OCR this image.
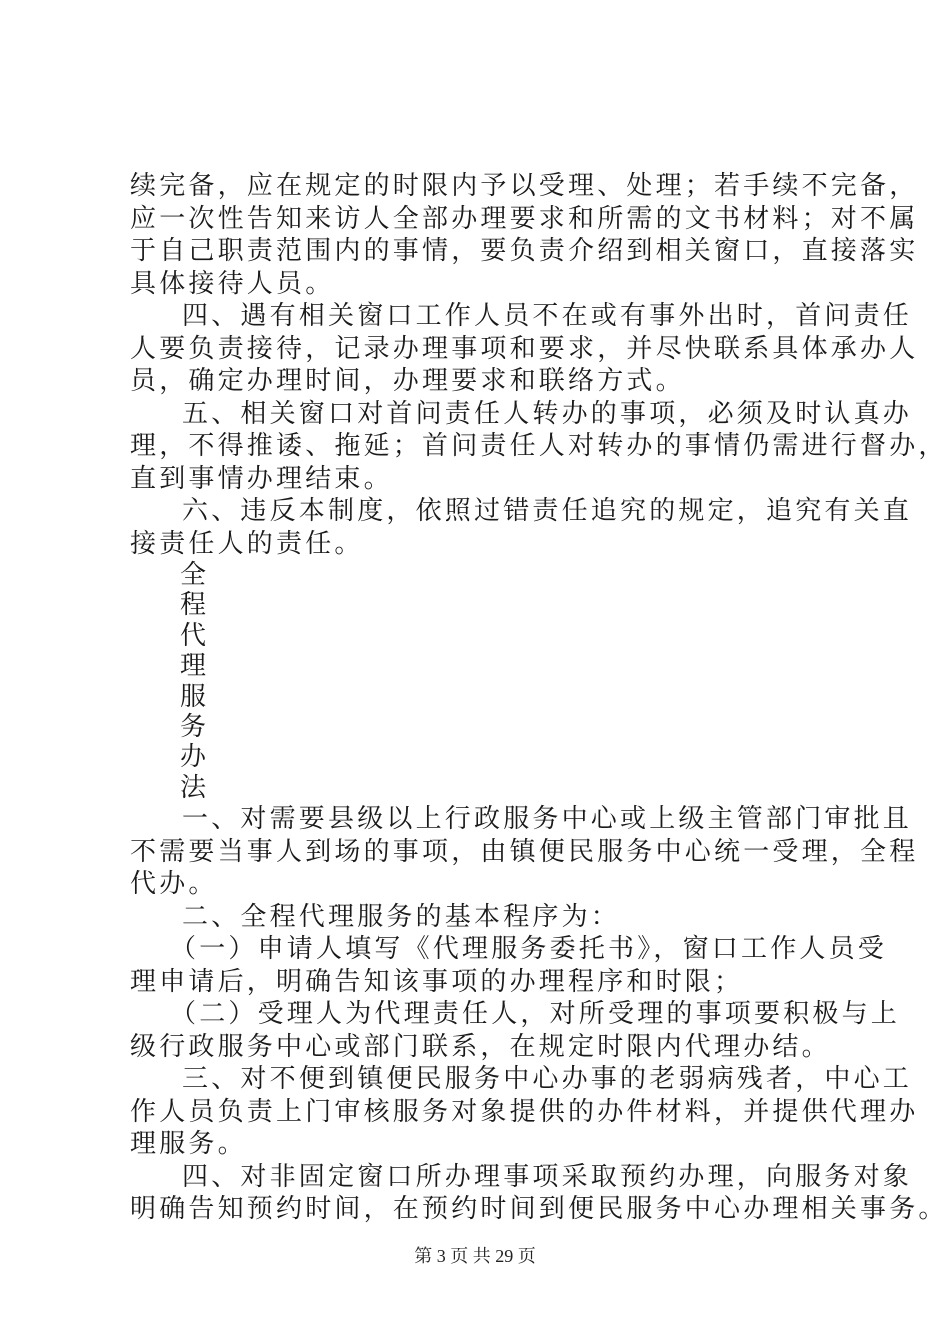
续完备，应在规定的时限内予以受理、处理；若手续不完备，
应一次性告知来访人全部办理要求和所需的文书材料；对不属
于自己职责范围内的事情，要负责介绍到相关窗口，直接落实
具体接待人员。
四、遇有相关窗口工作人员不在或有事外出时，首问责任
人要负责接待，记录办理事项和要求，并尽快联系具体承办人
员，确定办理时间，办理要求和联络方式。
五、相关窗口对首问责任人转办的事项，必须及时认真办
理，不得推诿、拖延；首问责任人对转办的事情仍需进行督办，
直到事情办理结束。
六、违反本制度，依照过错责任追究的规定，追究有关直
接责任人的责任。
全
程
代
理
服
务
办
法
一、对需要县级以上行政服务中心或上级主管部门审批且
不需要当事人到场的事项，由镇便民服务中心统一受理，全程
代办。
二、全程代理服务的基本程序为：
（一）申请人填写《代理服务委托书》，窗口工作人员受
理申请后，明确告知该事项的办理程序和时限；
（二）受理人为代理责任人，对所受理的事项要积极与上
级行政服务中心或部门联系，在规定时限内代理办结。
三、对不便到镇便民服务中心办事的老弱病残者，中心工
作人员负责上门审核服务对象提供的办件材料，并提供代理办
理服务。
四、对非固定窗口所办理事项采取预约办理，向服务对象
明确告知预约时间，在预约时间到便民服务中心办理相关事务。
第 3 页 共 29 页
